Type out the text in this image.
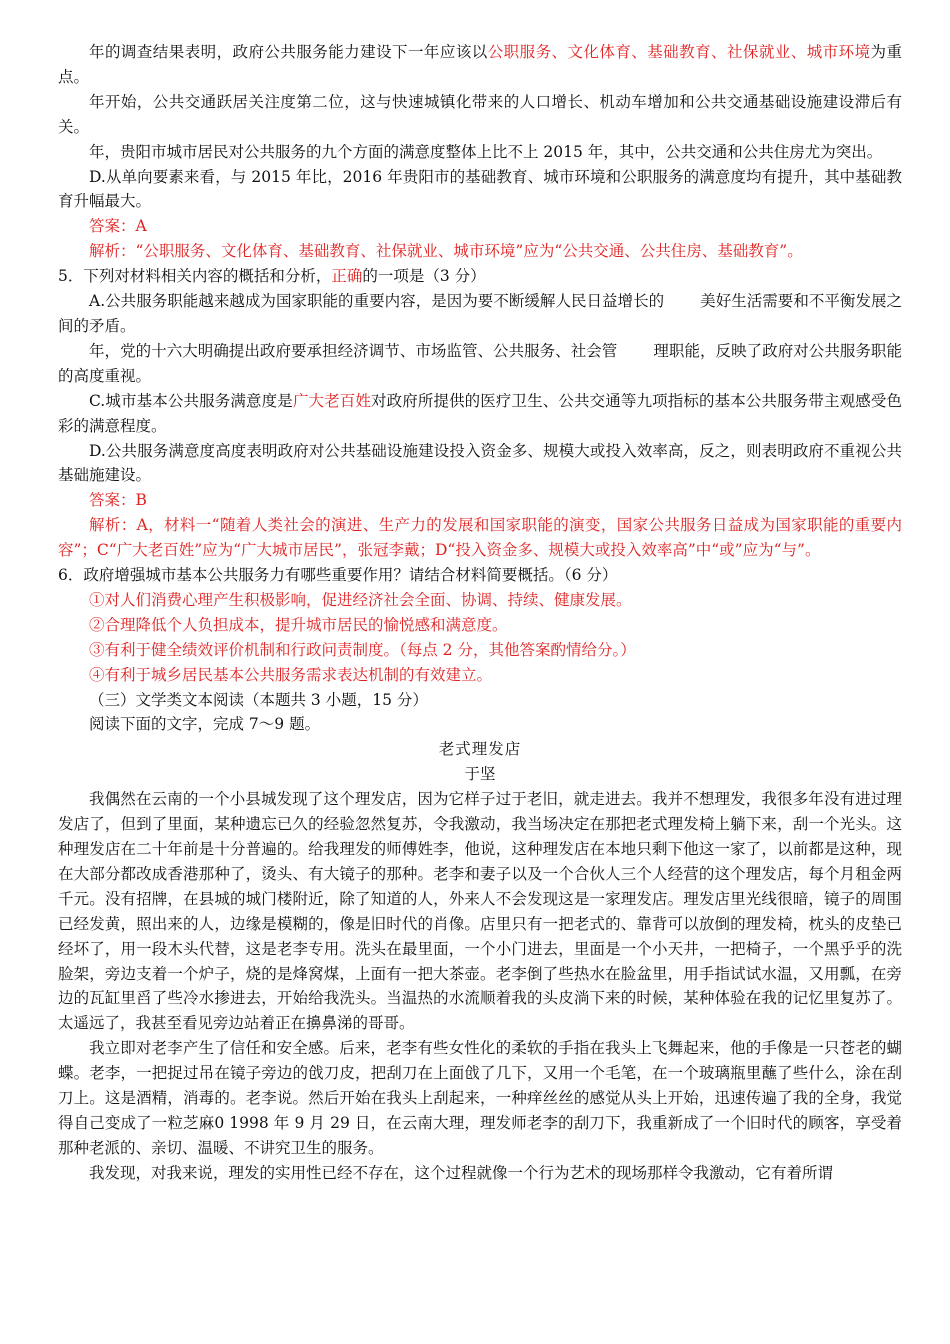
年的调查结果表明，政府公共服务能力建设下一年应该以公职服务、文化体育、基础教育、社保就业、城市环境为重点。

年开始，公共交通跃居关注度第二位，这与快速城镇化带来的人口增长、机动车增加和公共交通基础设施建设滞后有关。

年，贵阳市城市居民对公共服务的九个方面的满意度整体上比不上 2015 年，其中，公共交通和公共住房尤为突出。

D.从单向要素来看，与 2015 年比，2016 年贵阳市的基础教育、城市环境和公职服务的满意度均有提升，其中基础教育升幅最大。

答案：A

解析：“公职服务、文化体育、基础教育、社保就业、城市环境”应为“公共交通、公共住房、基础教育”。

5．下列对材料相关内容的概括和分析，正确的一项是（3 分）

A.公共服务职能越来越成为国家职能的重要内容，是因为要不断缓解人民日益增长的 美好生活需要和不平衡发展之间的矛盾。

年，党的十六大明确提出政府要承担经济调节、市场监管、公共服务、社会管 理职能，反映了政府对公共服务职能的高度重视。

C.城市基本公共服务满意度是广大老百姓对政府所提供的医疗卫生、公共交通等九项指标的基本公共服务带主观感受色彩的满意程度。

D.公共服务满意度高度表明政府对公共基础设施建设投入资金多、规模大或投入效率高，反之，则表明政府不重视公共基础施建设。

答案：B

解析：A，材料一“随着人类社会的演进、生产力的发展和国家职能的演变，国家公共服务日益成为国家职能的重要内容”；C“广大老百姓”应为“广大城市居民”，张冠李戴；D“投入资金多、规模大或投入效率高”中“或”应为“与”。

6．政府增强城市基本公共服务力有哪些重要作用？请结合材料简要概括。（6 分）

①对人们消费心理产生积极影响，促进经济社会全面、协调、持续、健康发展。

②合理降低个人负担成本，提升城市居民的愉悦感和满意度。

③有利于健全绩效评价机制和行政问责制度。（每点 2 分，其他答案酌情给分。）

④有利于城乡居民基本公共服务需求表达机制的有效建立。

（三）文学类文本阅读（本题共 3 小题，15 分）

阅读下面的文字，完成 7～9 题。

老式理发店

于坚

我偶然在云南的一个小县城发现了这个理发店，因为它样子过于老旧，就走进去。我并不想理发，我很多年没有进过理发店了，但到了里面，某种遗忘已久的经验忽然复苏，令我激动，我当场决定在那把老式理发椅上躺下来，刮一个光头。这种理发店在二十年前是十分普遍的。给我理发的师傅姓李，他说，这种理发店在本地只剩下他这一家了，以前都是这种，现在大部分都改成香港那种了，烫头、有大镜子的那种。老李和妻子以及一个合伙人三个人经营的这个理发店，每个月租金两千元。没有招牌，在县城的城门楼附近，除了知道的人，外来人不会发现这是一家理发店。理发店里光线很暗，镜子的周围已经发黄，照出来的人，边缘是模糊的，像是旧时代的肖像。店里只有一把老式的、靠背可以放倒的理发椅，枕头的皮垫已经坏了，用一段木头代替，这是老李专用。洗头在最里面，一个小门进去，里面是一个小天井，一把椅子，一个黑乎乎的洗脸架，旁边支着一个炉子，烧的是烽窝煤，上面有一把大茶壶。老李倒了些热水在脸盆里，用手指试试水温，又用瓢，在旁边的瓦缸里舀了些冷水掺进去，开始给我洗头。当温热的水流顺着我的头皮淌下来的时候，某种体验在我的记忆里复苏了。太遥远了，我甚至看见旁边站着正在擤鼻涕的哥哥。

我立即对老李产生了信任和安全感。后来，老李有些女性化的柔软的手指在我头上飞舞起来，他的手像是一只苍老的蝴蝶。老李，一把捉过吊在镜子旁边的戗刀皮，把刮刀在上面戗了几下，又用一个毛笔，在一个玻璃瓶里蘸了些什么，涂在刮刀上。这是酒精，消毒的。老李说。然后开始在我头上刮起来，一种痒丝丝的感觉从头上开始，迅速传遍了我的全身，我觉得自己变成了一粒芝麻0 1998 年 9 月 29 日，在云南大理，理发师老李的刮刀下，我重新成了一个旧时代的顾客，享受着那种老派的、亲切、温暖、不讲究卫生的服务。

我发现，对我来说，理发的实用性已经不存在，这个过程就像一个行为艺术的现场那样令我激动，它有着所谓
